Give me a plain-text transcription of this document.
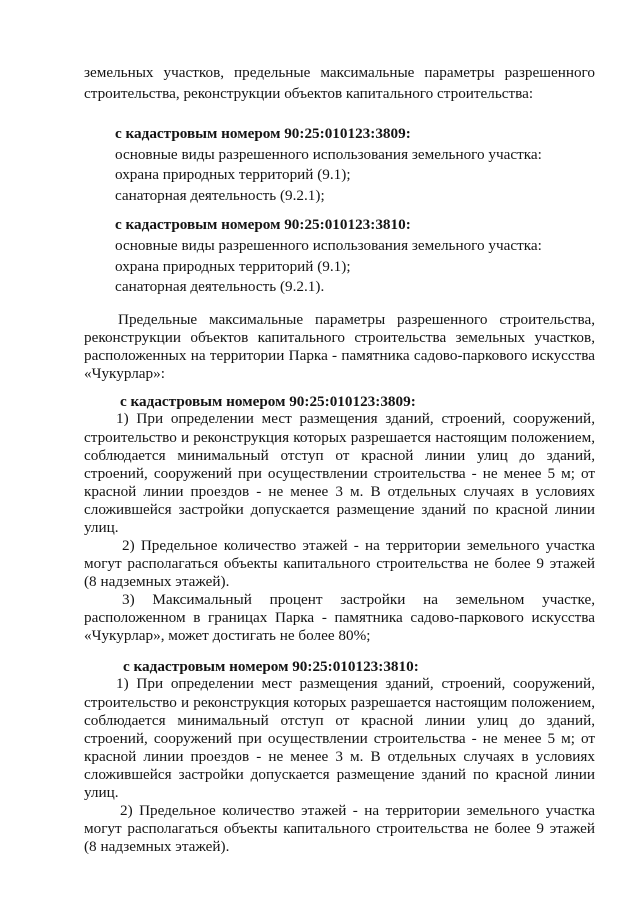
земельных участков, предельные максимальные параметры разрешенного
строительства, реконструкции объектов капитального строительства:
с кадастровым номером 90:25:010123:3809:
основные виды разрешенного использования земельного участка:
охрана природных территорий (9.1);
санаторная деятельность (9.2.1);
с кадастровым номером 90:25:010123:3810:
основные виды разрешенного использования земельного участка:
охрана природных территорий (9.1);
санаторная деятельность (9.2.1).
Предельные максимальные параметры разрешенного строительства,
реконструкции объектов капитального строительства земельных участков,
расположенных на территории Парка - памятника садово-паркового искусства
«Чукурлар»:
с кадастровым номером 90:25:010123:3809:
1) При определении мест размещения зданий, строений, сооружений,
строительство и реконструкция которых разрешается настоящим положением,
соблюдается минимальный отступ от красной линии улиц до зданий,
строений, сооружений при осуществлении строительства - не менее 5 м; от
красной линии проездов - не менее 3 м. В отдельных случаях в условиях
сложившейся застройки допускается размещение зданий по красной линии
улиц.
2) Предельное количество этажей - на территории земельного участка
могут располагаться объекты капитального строительства не более 9 этажей
(8 надземных этажей).
3) Максимальный процент застройки на земельном участке,
расположенном в границах Парка - памятника садово-паркового искусства
«Чукурлар», может достигать не более 80%;
с кадастровым номером 90:25:010123:3810:
1) При определении мест размещения зданий, строений, сооружений,
строительство и реконструкция которых разрешается настоящим положением,
соблюдается минимальный отступ от красной линии улиц до зданий,
строений, сооружений при осуществлении строительства - не менее 5 м; от
красной линии проездов - не менее 3 м. В отдельных случаях в условиях
сложившейся застройки допускается размещение зданий по красной линии
улиц.
2) Предельное количество этажей - на территории земельного участка
могут располагаться объекты капитального строительства не более 9 этажей
(8 надземных этажей).
